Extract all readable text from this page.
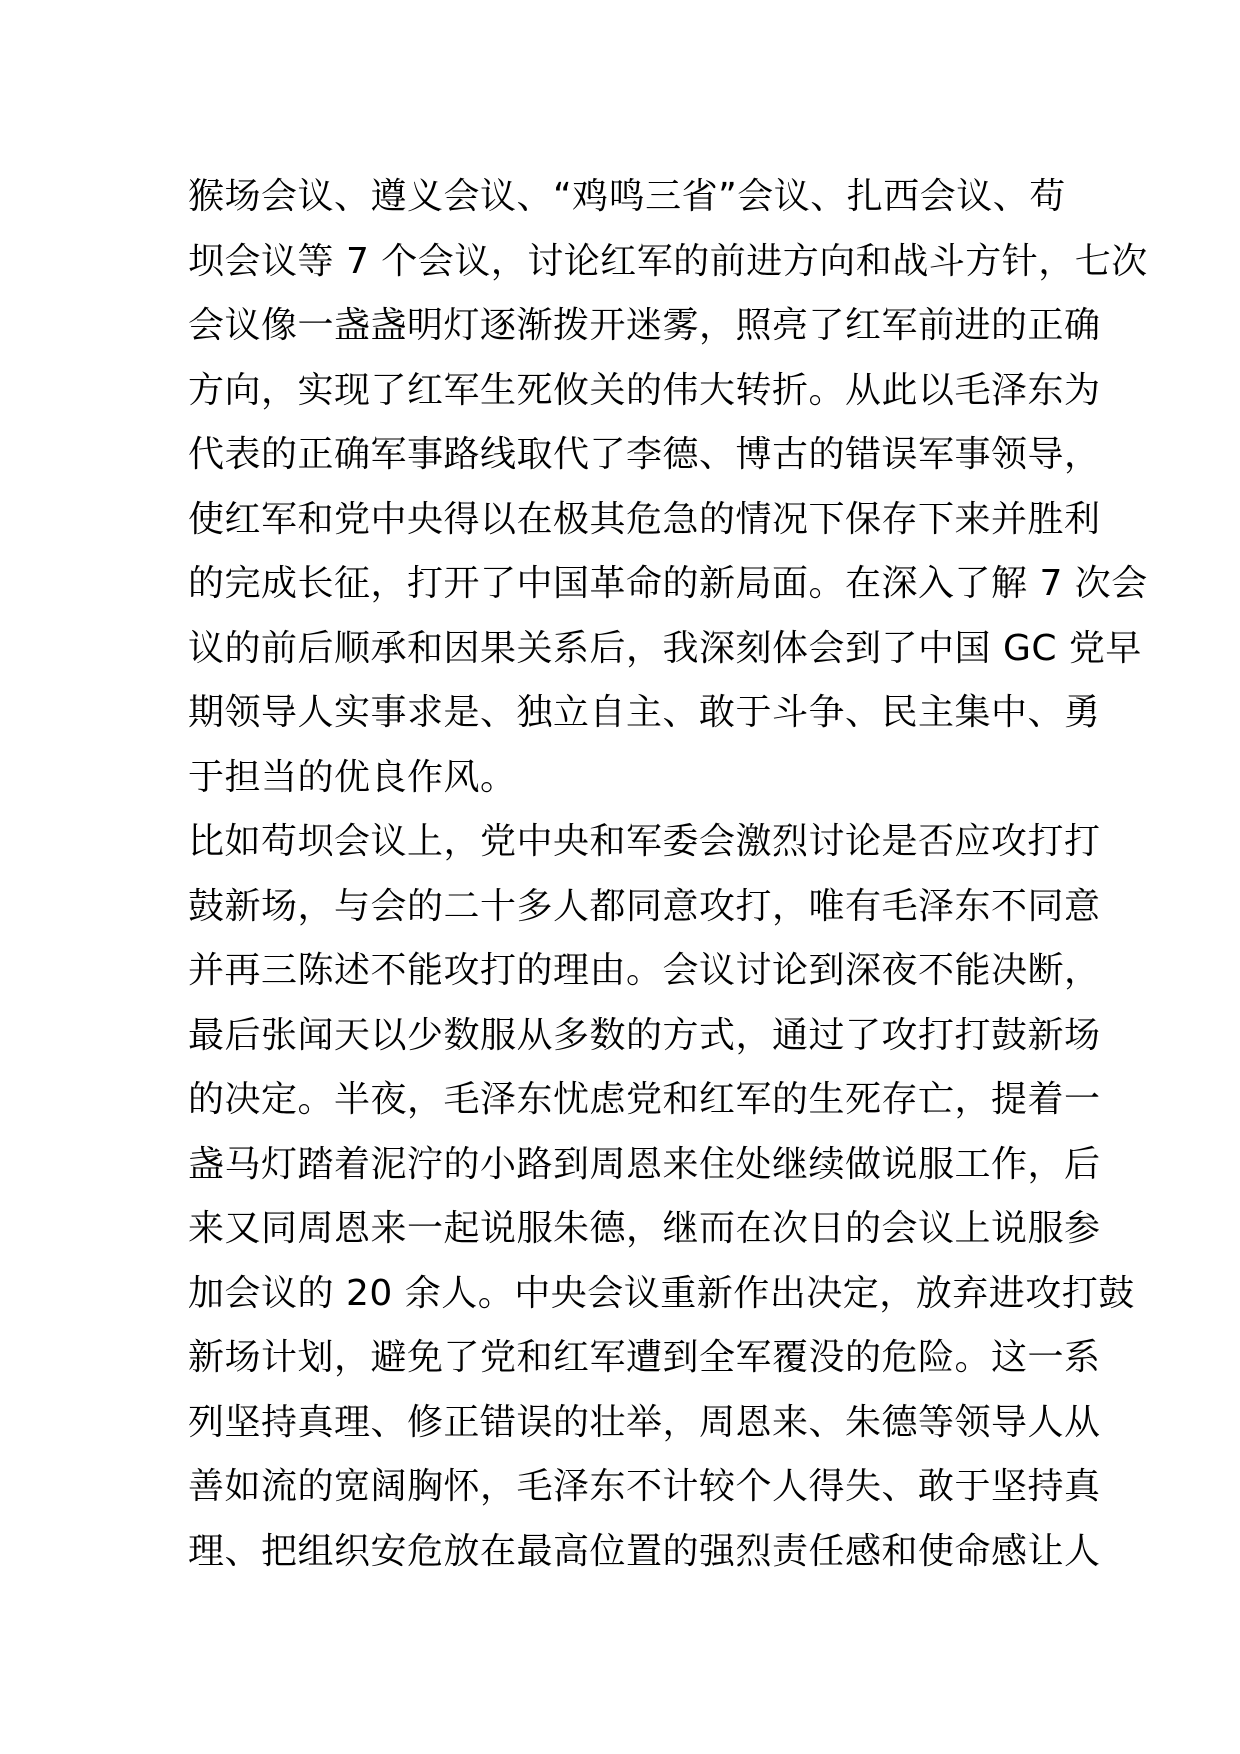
猴场会议、遵义会议、“鸡鸣三省”会议、扎西会议、苟
坝会议等 7 个会议，讨论红军的前进方向和战斗方针，七次
会议像一盏盏明灯逐渐拨开迷雾，照亮了红军前进的正确
方向，实现了红军生死攸关的伟大转折。从此以毛泽东为
代表的正确军事路线取代了李德、博古的错误军事领导，
使红军和党中央得以在极其危急的情况下保存下来并胜利
的完成长征，打开了中国革命的新局面。在深入了解 7 次会
议的前后顺承和因果关系后，我深刻体会到了中国 GC 党早
期领导人实事求是、独立自主、敢于斗争、民主集中、勇
于担当的优良作风。
比如苟坝会议上，党中央和军委会激烈讨论是否应攻打打
鼓新场，与会的二十多人都同意攻打，唯有毛泽东不同意
并再三陈述不能攻打的理由。会议讨论到深夜不能决断，
最后张闻天以少数服从多数的方式，通过了攻打打鼓新场
的决定。半夜，毛泽东忧虑党和红军的生死存亡，提着一
盏马灯踏着泥泞的小路到周恩来住处继续做说服工作，后
来又同周恩来一起说服朱德，继而在次日的会议上说服参
加会议的 20 余人。中央会议重新作出决定，放弃进攻打鼓
新场计划，避免了党和红军遭到全军覆没的危险。这一系
列坚持真理、修正错误的壮举，周恩来、朱德等领导人从
善如流的宽阔胸怀，毛泽东不计较个人得失、敢于坚持真
理、把组织安危放在最高位置的强烈责任感和使命感让人
